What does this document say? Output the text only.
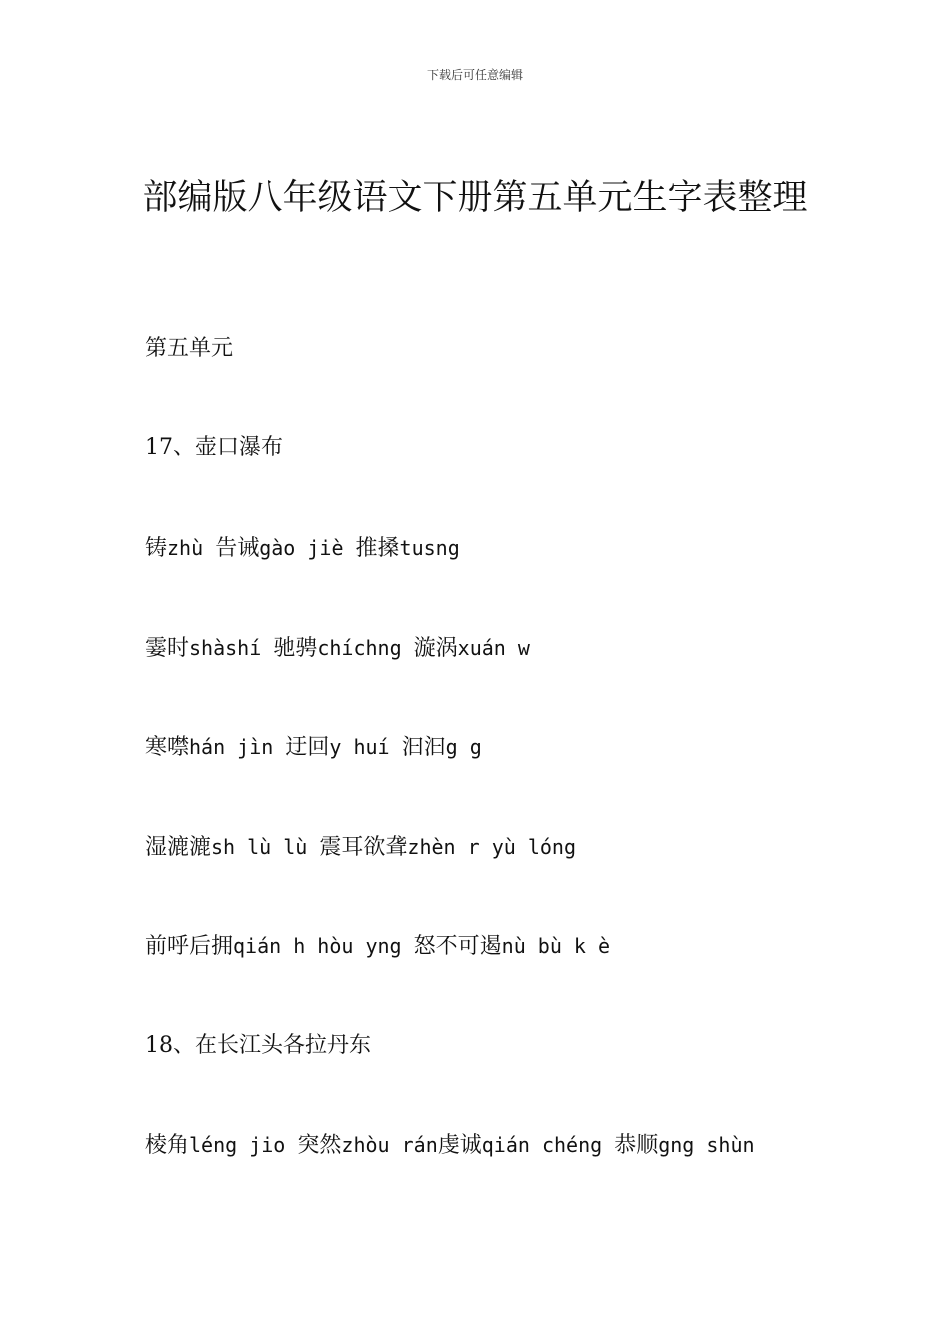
下载后可任意编辑
部编版八年级语文下册第五单元生字表整理
第五单元
17、壶口瀑布
铸zhù 告诫gào jiè 推搡tusng
霎时shàshí 驰骋chíchng 漩涡xuán w
寒噤hán jìn 迂回y huí 汩汩g g
湿漉漉sh lù lù 震耳欲聋zhèn r yù lóng
前呼后拥qián h hòu yng 怒不可遏nù bù k è
18、在长江头各拉丹东
棱角léng jio 突然zhòu rán虔诚qián chéng 恭顺gng shùn
